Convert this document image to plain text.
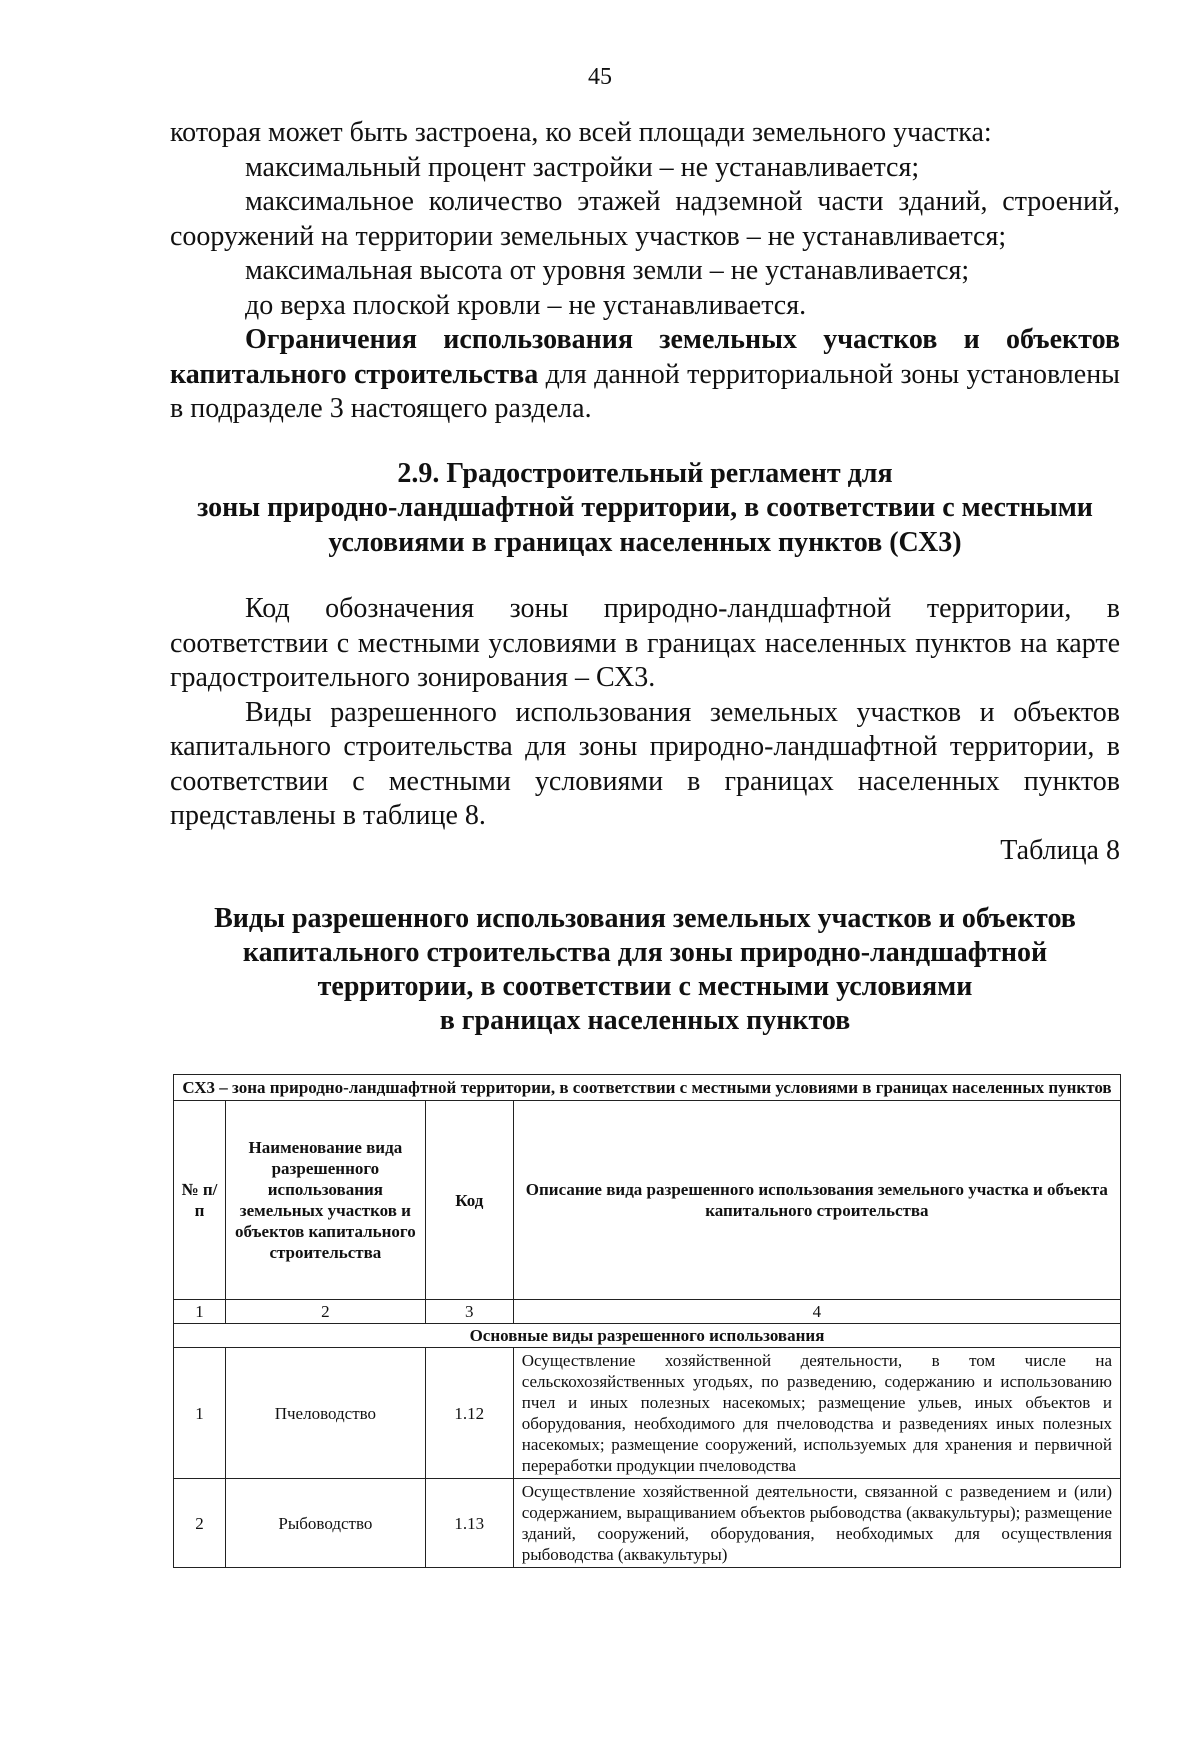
45

которая может быть застроена, ко всей площади земельного участка:

максимальный процент застройки – не устанавливается;

максимальное количество этажей надземной части зданий, строений, сооружений на территории земельных участков – не устанавливается;

максимальная высота от уровня земли – не устанавливается;

до верха плоской кровли – не устанавливается.

Ограничения использования земельных участков и объектов капитального строительства для данной территориальной зоны установлены в подразделе 3 настоящего раздела.

2.9. Градостроительный регламент для
зоны природно-ландшафтной территории, в соответствии с местными
условиями в границах населенных пунктов (СХ3)

Код обозначения зоны природно-ландшафтной территории, в соответствии с местными условиями в границах населенных пунктов на карте градостроительного зонирования – СХ3.

Виды разрешенного использования земельных участков и объектов капитального строительства для зоны природно-ландшафтной территории, в соответствии с местными условиями в границах населенных пунктов представлены в таблице 8.

Таблица 8

Виды разрешенного использования земельных участков и объектов
капитального строительства для зоны природно-ландшафтной
территории, в соответствии с местными условиями
в границах населенных пунктов
СХ3 – зона природно-ландшафтной территории, в соответствии с местными условиями в границах населенных пунктов			
№ п/п	Наименование вида разрешенного использования земельных участков и объектов капитального строительства	Код	Описание вида разрешенного использования земельного участка и объекта капитального строительства
1	2	3	4
Основные виды разрешенного использования			
1	Пчеловодство	1.12	Осуществление хозяйственной деятельности, в том числе на сельскохозяйственных угодьях, по разведению, содержанию и использованию пчел и иных полезных насекомых; размещение ульев, иных объектов и оборудования, необходимого для пчеловодства и разведениях иных полезных насекомых; размещение сооружений, используемых для хранения и первичной переработки продукции пчеловодства
2	Рыбоводство	1.13	Осуществление хозяйственной деятельности, связанной с разведением и (или) содержанием, выращиванием объектов рыбоводства (аквакультуры); размещение зданий, сооружений, оборудования, необходимых для осуществления рыбоводства (аквакультуры)
